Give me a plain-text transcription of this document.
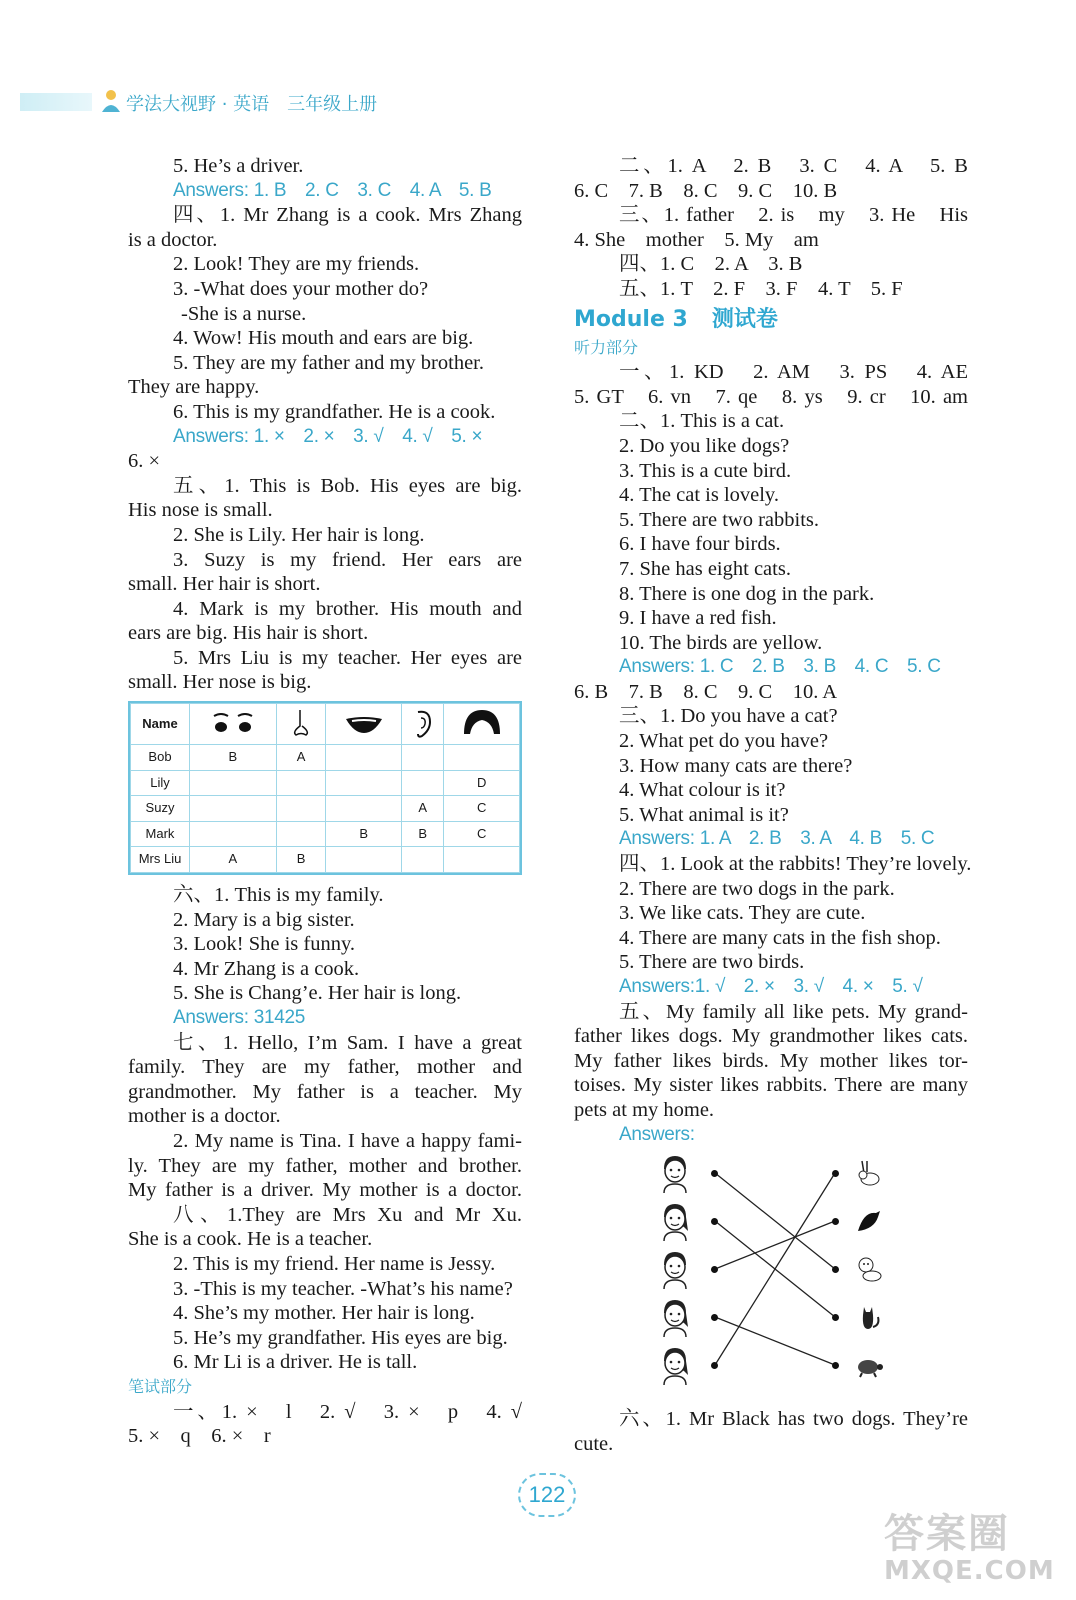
学法大视野 · 英语　三年级上册
5. He’s a driver.
Answers: 1. B　2. C　3. C　4. A　5. B
四、1. Mr Zhang is a cook. Mrs Zhang
is a doctor.
2. Look! They are my friends.
3. -What does your mother do?
-She is a nurse.
4. Wow! His mouth and ears are big.
5. They are my father and my brother.
They are happy.
6. This is my grandfather. He is a cook.
Answers: 1. ×　2. ×　3. √　4. √　5. ×
6. ×
五、1. This is Bob. His eyes are big.
His nose is small.
2. She is Lily. Her hair is long.
3. Suzy is my friend. Her ears are
small. Her hair is short.
4. Mark is my brother. His mouth and
ears are big. His hair is short.
5. Mrs Liu is my teacher. Her eyes are
small. Her nose is big.
Name					
Bob	B	A			
Lily					D
Suzy				A	C
Mark			B	B	C
Mrs Liu	A	B			
六、1. This is my family.
2. Mary is a big sister.
3. Look! She is funny.
4. Mr Zhang is a cook.
5. She is Chang’e. Her hair is long.
Answers: 31425
七、1. Hello, I’m Sam. I have a great
family. They are my father, mother and
grandmother. My father is a teacher. My
mother is a doctor.
2. My name is Tina. I have a happy fami-
ly. They are my father, mother and brother.
My father is a driver. My mother is a doctor.
八、1.They are Mrs Xu and Mr Xu.
She is a cook. He is a teacher.
2. This is my friend. Her name is Jessy.
3. -This is my teacher. -What’s his name?
4. She’s my mother. Her hair is long.
5. He’s my grandfather. His eyes are big.
6. Mr Li is a driver. He is tall.
笔试部分
一、1. ×　l　2. √　3. ×　p　4. √
5. ×　q　6. ×　r
二、1. A　2. B　3. C　4. A　5. B
6. C　7. B　8. C　9. C　10. B
三、1. father　2. is　my　3. He　His
4. She　mother　5. My　am
四、1. C　2. A　3. B
五、1. T　2. F　3. F　4. T　5. F
Module 3 测试卷
听力部分
一、1. KD　2. AM　3. PS　4. AE
5. GT　6. vn　7. qe　8. ys　9. cr　10. am
二、1. This is a cat.
2. Do you like dogs?
3. This is a cute bird.
4. The cat is lovely.
5. There are two rabbits.
6. I have four birds.
7. She has eight cats.
8. There is one dog in the park.
9. I have a red fish.
10. The birds are yellow.
Answers: 1. C　2. B　3. B　4. C　5. C
6. B　7. B　8. C　9. C　10. A
三、1. Do you have a cat?
2. What pet do you have?
3. How many cats are there?
4. What colour is it?
5. What animal is it?
Answers: 1. A　2. B　3. A　4. B　5. C
四、1. Look at the rabbits! They’re lovely.
2. There are two dogs in the park.
3. We like cats. They are cute.
4. There are many cats in the fish shop.
5. There are two birds.
Answers:1. √　2. ×　3. √　4. ×　5. √
五、My family all like pets. My grand-
father likes dogs. My grandmother likes cats.
My father likes birds. My mother likes tor-
toises. My sister likes rabbits. There are many
pets at my home.
Answers:
六、1. Mr Black has two dogs. They’re
cute.
122
答案圈
MXQE.COM
